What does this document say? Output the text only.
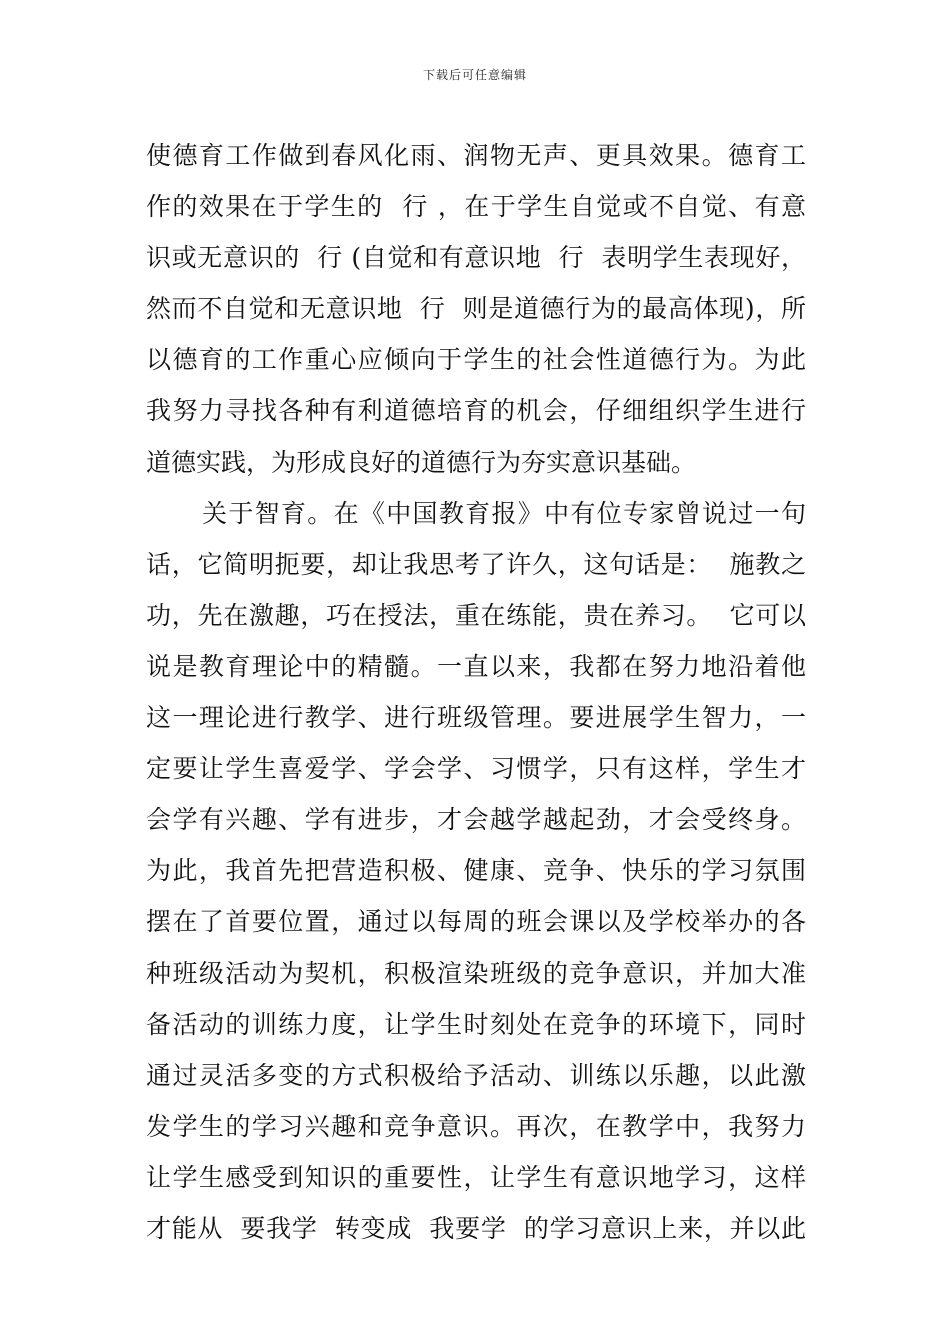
下载后可任意编辑
使德育工作做到春风化雨、润物无声、更具效果。德育工
作的效果在于学生的  行 ，在于学生自觉或不自觉、有意
识或无意识的  行 (自觉和有意识地  行  表明学生表现好，
然而不自觉和无意识地  行  则是道德行为的最高体现)，所
以德育的工作重心应倾向于学生的社会性道德行为。为此
我努力寻找各种有利道德培育的机会，仔细组织学生进行
道德实践，为形成良好的道德行为夯实意识基础。
关于智育。在《中国教育报》中有位专家曾说过一句
话，它简明扼要，却让我思考了许久，这句话是：  施教之
功，先在激趣，巧在授法，重在练能，贵在养习。  它可以
说是教育理论中的精髓。一直以来，我都在努力地沿着他
这一理论进行教学、进行班级管理。要进展学生智力，一
定要让学生喜爱学、学会学、习惯学，只有这样，学生才
会学有兴趣、学有进步，才会越学越起劲，才会受终身。
为此，我首先把营造积极、健康、竞争、快乐的学习氛围
摆在了首要位置，通过以每周的班会课以及学校举办的各
种班级活动为契机，积极渲染班级的竞争意识，并加大准
备活动的训练力度，让学生时刻处在竞争的环境下，同时
通过灵活多变的方式积极给予活动、训练以乐趣，以此激
发学生的学习兴趣和竞争意识。再次，在教学中，我努力
让学生感受到知识的重要性，让学生有意识地学习，这样
才能从  要我学  转变成  我要学  的学习意识上来，并以此
